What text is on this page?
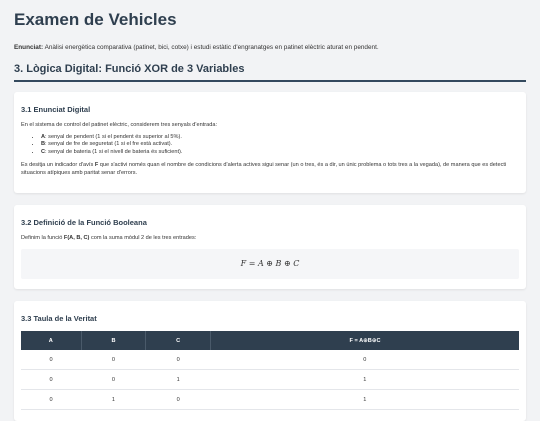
Examen de Vehicles

Enunciat: Anàlisi energètica comparativa (patinet, bici, cotxe) i estudi estàtic d'engranatges en patinet elèctric aturat en pendent.

3. Lògica Digital: Funció XOR de 3 Variables
3.1 Enunciat Digital

En el sistema de control del patinet elèctric, considerem tres senyals d'entrada:

• A: senyal de pendent (1 si el pendent és superior al 5%).
• B: senyal de fre de seguretat (1 si el fre està activat).
• C: senyal de bateria (1 si el nivell de bateria és suficient).

Es desitja un indicador d'avís F que s'activi només quan el nombre de condicions d'alerta actives sigui senar (un o tres, és a dir, un únic problema o tots tres a la vegada), de manera que es detecti situacions atípiques amb paritat senar d'errors.

3.2 Definició de la Funció Booleana

Definim la funció F(A, B, C) com la suma mòdul 2 de les tres entrades:

F = A ⊕ B ⊕ C
3.3 Taula de la Veritat
A	B	C	F = A⊕B⊕C
0	0	0	0
0	0	1	1
0	1	0	1
